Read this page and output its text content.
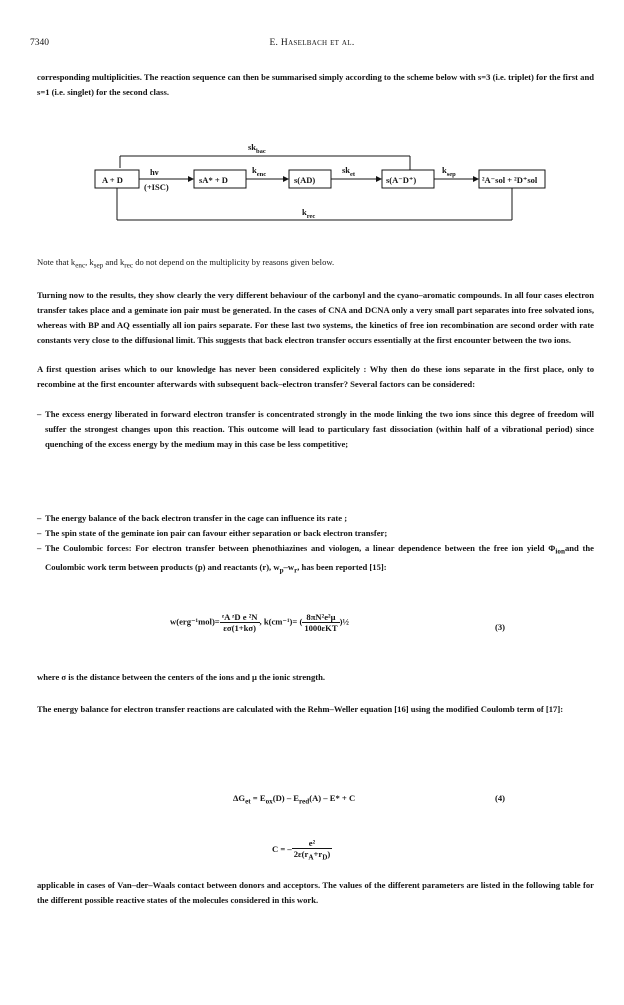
7340	E. Haselbach et al.
corresponding multiplicities. The reaction sequence can then be summarised simply according to the scheme below with s=3 (i.e. triplet) for the first and s=1 (i.e. singlet) for the second class.
$sk_{bac}$
A + D
hν
(+ISC)
sA* + D
$k_{enc}$
s(AD)
$sk_{et}$
s(A⁻D⁺)
$k_{sep}$
²A⁻sol + ²D⁺sol
$k_{rec}$
Note that $k_{enc}$, $k_{sep}$ and $k_{rec}$ do not depend on the multiplicity by reasons given below.
Turning now to the results, they show clearly the very different behaviour of the carbonyl and the cyano–aromatic compounds. In all four cases electron transfer takes place and a geminate ion pair must be generated. In the cases of CNA and DCNA only a very small part separates into free solvated ions, whereas with BP and AQ essentially all ion pairs separate. For these last two systems, the kinetics of free ion recombination are second order with rate constants very close to the diffusional limit. This suggests that back electron transfer occurs essentially at the first encounter between the two ions.
A first question arises which to our knowledge has never been considered explicitely : Why then do these ions separate in the first place, only to recombine at the first encounter afterwards with subsequent back–electron transfer? Several factors can be considered:
– The excess energy liberated in forward electron transfer is concentrated strongly in the mode linking the two ions since this degree of freedom will suffer the strongest changes upon this reaction. This outcome will lead to particulary fast dissociation (within half of a vibrational period) since quenching of the excess energy by the medium may in this case be less competitive;
– The energy balance of the back electron transfer in the cage can influence its rate ;
– The spin state of the geminate ion pair can favour either separation or back electron transfer;
– The Coulombic forces: For electron transfer between phenothiazines and viologen, a linear dependence between the free ion yield $\Phi_{ion}and$ the Coulombic work term between products (p) and reactants (r), $w_p-w_r$, has been reported [15]:
$w(erg^{-1}mol)= \frac{\text{ᶻA ᶻD e ²N}}{\varepsilon\sigma(1+k\sigma)}$ , k(cm⁻¹)= ( $\frac{\text{8πN²e²μ}}{\text{1000εKT}}$ )½
(3)
where σ is the distance between the centers of the ions and μ the ionic strength.
The energy balance for electron transfer reactions are calculated with the Rehm–Weller equation [16] using the modified Coulomb term of [17]:
$\Delta G_{et} = E_{ox}(D) - E_{red}(A) - E* + C$	(4)
C = – $\frac{\text{e²}}{2\varepsilon(r_A+r_D)}$
applicable in cases of Van–der–Waals contact between donors and acceptors. The values of the different parameters are listed in the following table for the different possible reactive states of the molecules considered in this work.
